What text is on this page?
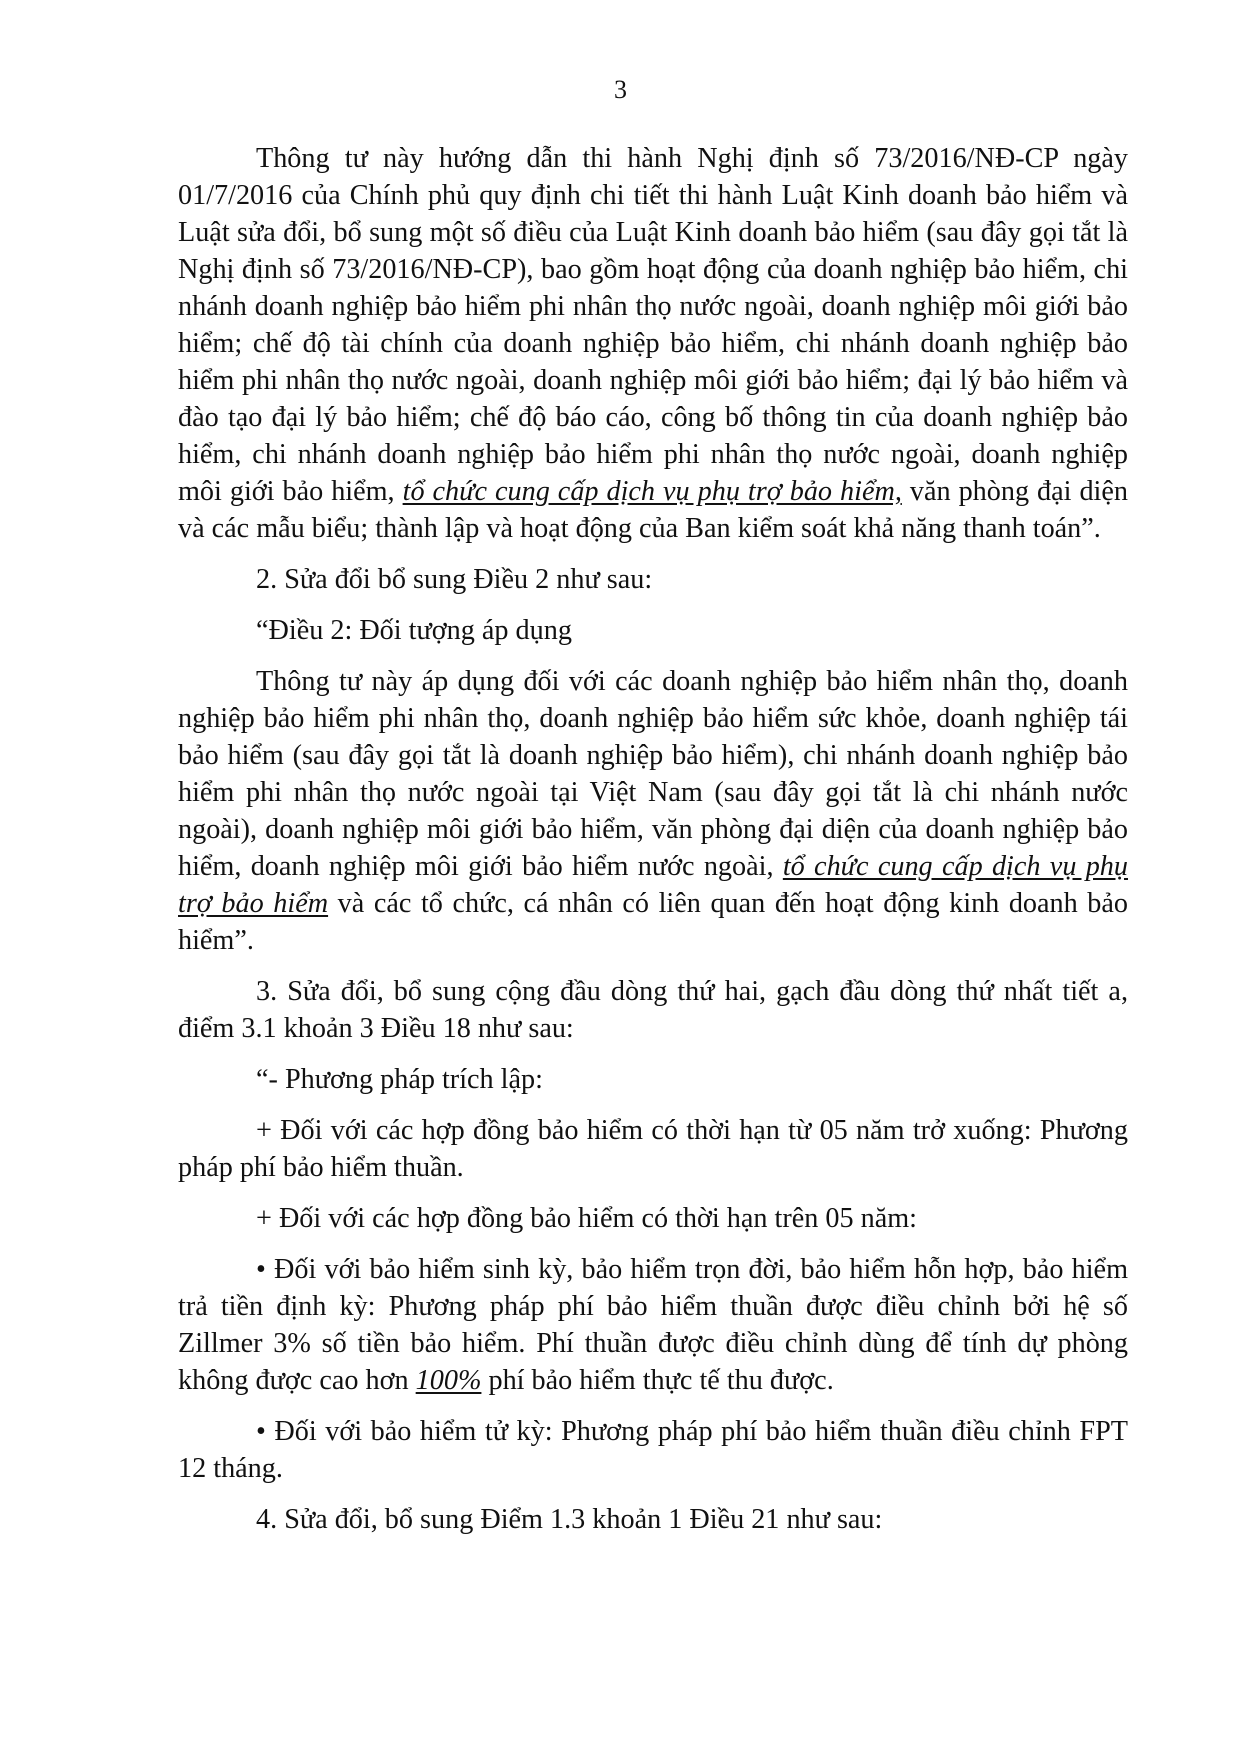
3

Thông tư này hướng dẫn thi hành Nghị định số 73/2016/NĐ-CP ngày 01/7/2016 của Chính phủ quy định chi tiết thi hành Luật Kinh doanh bảo hiểm và Luật sửa đổi, bổ sung một số điều của Luật Kinh doanh bảo hiểm (sau đây gọi tắt là Nghị định số 73/2016/NĐ-CP), bao gồm hoạt động của doanh nghiệp bảo hiểm, chi nhánh doanh nghiệp bảo hiểm phi nhân thọ nước ngoài, doanh nghiệp môi giới bảo hiểm; chế độ tài chính của doanh nghiệp bảo hiểm, chi nhánh doanh nghiệp bảo hiểm phi nhân thọ nước ngoài, doanh nghiệp môi giới bảo hiểm; đại lý bảo hiểm và đào tạo đại lý bảo hiểm; chế độ báo cáo, công bố thông tin của doanh nghiệp bảo hiểm, chi nhánh doanh nghiệp bảo hiểm phi nhân thọ nước ngoài, doanh nghiệp môi giới bảo hiểm, tổ chức cung cấp dịch vụ phụ trợ bảo hiểm, văn phòng đại diện và các mẫu biểu; thành lập và hoạt động của Ban kiểm soát khả năng thanh toán”.

2. Sửa đổi bổ sung Điều 2 như sau:

“Điều 2: Đối tượng áp dụng

Thông tư này áp dụng đối với các doanh nghiệp bảo hiểm nhân thọ, doanh nghiệp bảo hiểm phi nhân thọ, doanh nghiệp bảo hiểm sức khỏe, doanh nghiệp tái bảo hiểm (sau đây gọi tắt là doanh nghiệp bảo hiểm), chi nhánh doanh nghiệp bảo hiểm phi nhân thọ nước ngoài tại Việt Nam (sau đây gọi tắt là chi nhánh nước ngoài), doanh nghiệp môi giới bảo hiểm, văn phòng đại diện của doanh nghiệp bảo hiểm, doanh nghiệp môi giới bảo hiểm nước ngoài, tổ chức cung cấp dịch vụ phụ trợ bảo hiểm và các tổ chức, cá nhân có liên quan đến hoạt động kinh doanh bảo hiểm”.

3. Sửa đổi, bổ sung cộng đầu dòng thứ hai, gạch đầu dòng thứ nhất tiết a, điểm 3.1 khoản 3 Điều 18 như sau:

“- Phương pháp trích lập:

+ Đối với các hợp đồng bảo hiểm có thời hạn từ 05 năm trở xuống: Phương pháp phí bảo hiểm thuần.

+ Đối với các hợp đồng bảo hiểm có thời hạn trên 05 năm:

• Đối với bảo hiểm sinh kỳ, bảo hiểm trọn đời, bảo hiểm hỗn hợp, bảo hiểm trả tiền định kỳ: Phương pháp phí bảo hiểm thuần được điều chỉnh bởi hệ số Zillmer 3% số tiền bảo hiểm. Phí thuần được điều chỉnh dùng để tính dự phòng không được cao hơn 100% phí bảo hiểm thực tế thu được.

• Đối với bảo hiểm tử kỳ: Phương pháp phí bảo hiểm thuần điều chỉnh FPT 12 tháng.

4. Sửa đổi, bổ sung Điểm 1.3 khoản 1 Điều 21 như sau:
